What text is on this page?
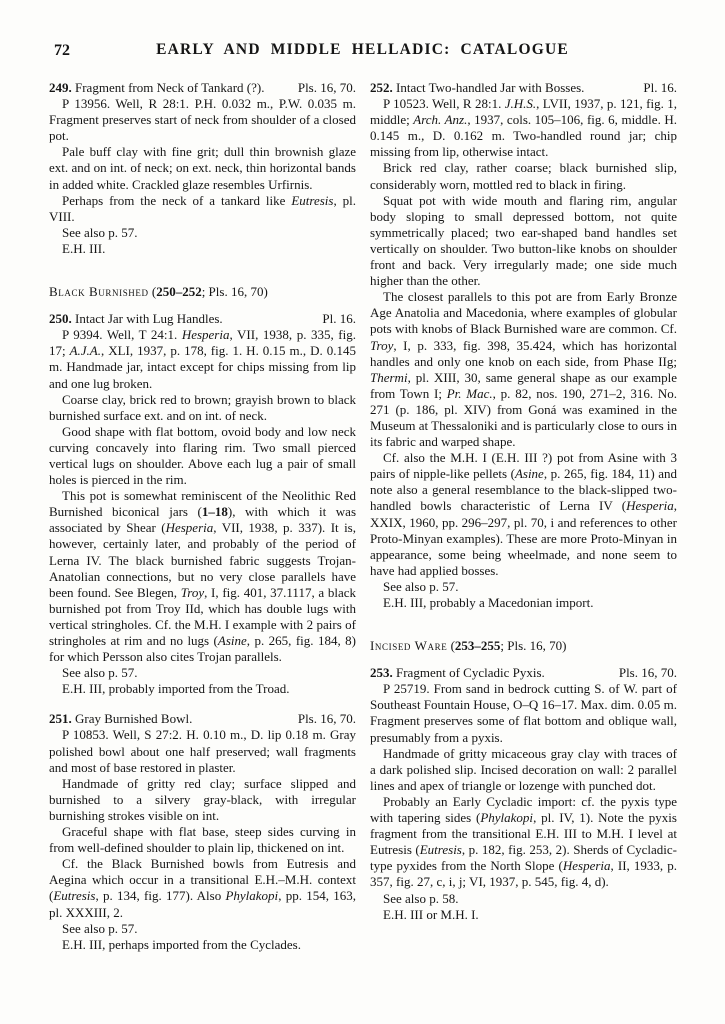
72	EARLY AND MIDDLE HELLADIC: CATALOGUE
249. Fragment from Neck of Tankard (?).	Pls. 16, 70.

P 13956. Well, R 28:1. P.H. 0.032 m., P.W. 0.035 m. Fragment preserves start of neck from shoulder of a closed pot.

Pale buff clay with fine grit; dull thin brownish glaze ext. and on int. of neck; on ext. neck, thin horizontal bands in added white. Crackled glaze resembles Urfirnis.

Perhaps from the neck of a tankard like Eutresis, pl. VIII.

See also p. 57.

E.H. III.

Black Burnished (250–252; Pls. 16, 70)
250. Intact Jar with Lug Handles.	Pl. 16.

P 9394. Well, T 24:1. Hesperia, VII, 1938, p. 335, fig. 17; A.J.A., XLI, 1937, p. 178, fig. 1. H. 0.15 m., D. 0.145 m. Handmade jar, intact except for chips missing from lip and one lug broken.

Coarse clay, brick red to brown; grayish brown to black burnished surface ext. and on int. of neck.

Good shape with flat bottom, ovoid body and low neck curving concavely into flaring rim. Two small pierced vertical lugs on shoulder. Above each lug a pair of small holes is pierced in the rim.

This pot is somewhat reminiscent of the Neolithic Red Burnished biconical jars (1–18), with which it was associated by Shear (Hesperia, VII, 1938, p. 337). It is, however, certainly later, and probably of the period of Lerna IV. The black burnished fabric suggests Trojan-Anatolian connections, but no very close parallels have been found. See Blegen, Troy, I, fig. 401, 37.1117, a black burnished pot from Troy IId, which has double lugs with vertical stringholes. Cf. the M.H. I example with 2 pairs of stringholes at rim and no lugs (Asine, p. 265, fig. 184, 8) for which Persson also cites Trojan parallels.

See also p. 57.

E.H. III, probably imported from the Troad.

251. Gray Burnished Bowl.	Pls. 16, 70.

P 10853. Well, S 27:2. H. 0.10 m., D. lip 0.18 m. Gray polished bowl about one half preserved; wall fragments and most of base restored in plaster.

Handmade of gritty red clay; surface slipped and burnished to a silvery gray-black, with irregular burnishing strokes visible on int.

Graceful shape with flat base, steep sides curving in from well-defined shoulder to plain lip, thickened on int.

Cf. the Black Burnished bowls from Eutresis and Aegina which occur in a transitional E.H.–M.H. context (Eutresis, p. 134, fig. 177). Also Phylakopi, pp. 154, 163, pl. XXXIII, 2.

See also p. 57.

E.H. III, perhaps imported from the Cyclades.

252. Intact Two-handled Jar with Bosses.	Pl. 16.

P 10523. Well, R 28:1. J.H.S., LVII, 1937, p. 121, fig. 1, middle; Arch. Anz., 1937, cols. 105–106, fig. 6, middle. H. 0.145 m., D. 0.162 m. Two-handled round jar; chip missing from lip, otherwise intact.

Brick red clay, rather coarse; black burnished slip, considerably worn, mottled red to black in firing.

Squat pot with wide mouth and flaring rim, angular body sloping to small depressed bottom, not quite symmetrically placed; two ear-shaped band handles set vertically on shoulder. Two button-like knobs on shoulder front and back. Very irregularly made; one side much higher than the other.

The closest parallels to this pot are from Early Bronze Age Anatolia and Macedonia, where examples of globular pots with knobs of Black Burnished ware are common. Cf. Troy, I, p. 333, fig. 398, 35.424, which has horizontal handles and only one knob on each side, from Phase IIg; Thermi, pl. XIII, 30, same general shape as our example from Town I; Pr. Mac., p. 82, nos. 190, 271–2, 316. No. 271 (p. 186, pl. XIV) from Goná was examined in the Museum at Thessaloniki and is particularly close to ours in its fabric and warped shape.

Cf. also the M.H. I (E.H. III ?) pot from Asine with 3 pairs of nipple-like pellets (Asine, p. 265, fig. 184, 11) and note also a general resemblance to the black-slipped two-handled bowls characteristic of Lerna IV (Hesperia, XXIX, 1960, pp. 296–297, pl. 70, i and references to other Proto-Minyan examples). These are more Proto-Minyan in appearance, some being wheelmade, and none seem to have had applied bosses.

See also p. 57.

E.H. III, probably a Macedonian import.

Incised Ware (253–255; Pls. 16, 70)
253. Fragment of Cycladic Pyxis.	Pls. 16, 70.

P 25719. From sand in bedrock cutting S. of W. part of Southeast Fountain House, O–Q 16–17. Max. dim. 0.05 m. Fragment preserves some of flat bottom and oblique wall, presumably from a pyxis.

Handmade of gritty micaceous gray clay with traces of a dark polished slip. Incised decoration on wall: 2 parallel lines and apex of triangle or lozenge with punched dot.

Probably an Early Cycladic import: cf. the pyxis type with tapering sides (Phylakopi, pl. IV, 1). Note the pyxis fragment from the transitional E.H. III to M.H. I level at Eutresis (Eutresis, p. 182, fig. 253, 2). Sherds of Cycladic-type pyxides from the North Slope (Hesperia, II, 1933, p. 357, fig. 27, c, i, j; VI, 1937, p. 545, fig. 4, d).

See also p. 58.

E.H. III or M.H. I.
